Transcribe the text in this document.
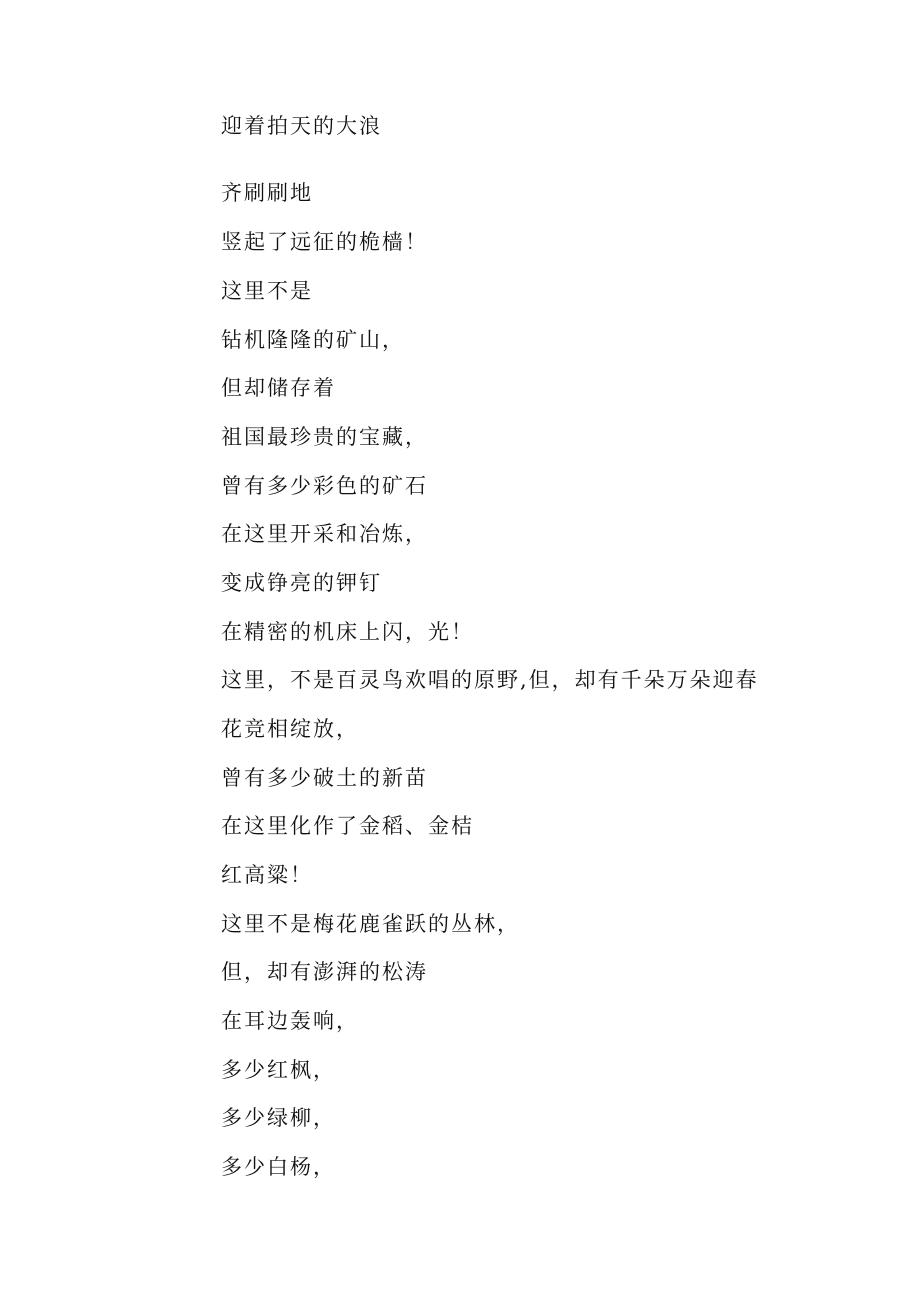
迎着拍天的大浪

齐刷刷地

竖起了远征的桅樯！

这里不是

钻机隆隆的矿山，

但却储存着

祖国最珍贵的宝藏，

曾有多少彩色的矿石

在这里开采和冶炼，

变成铮亮的钾钉

在精密的机床上闪，光！

这里，不是百灵鸟欢唱的原野,但，却有千朵万朵迎春

花竞相绽放，

曾有多少破土的新苗

在这里化作了金稻、金桔

红高粱！

这里不是梅花鹿雀跃的丛林，

但，却有澎湃的松涛

在耳边轰响，

多少红枫，

多少绿柳，

多少白杨，
